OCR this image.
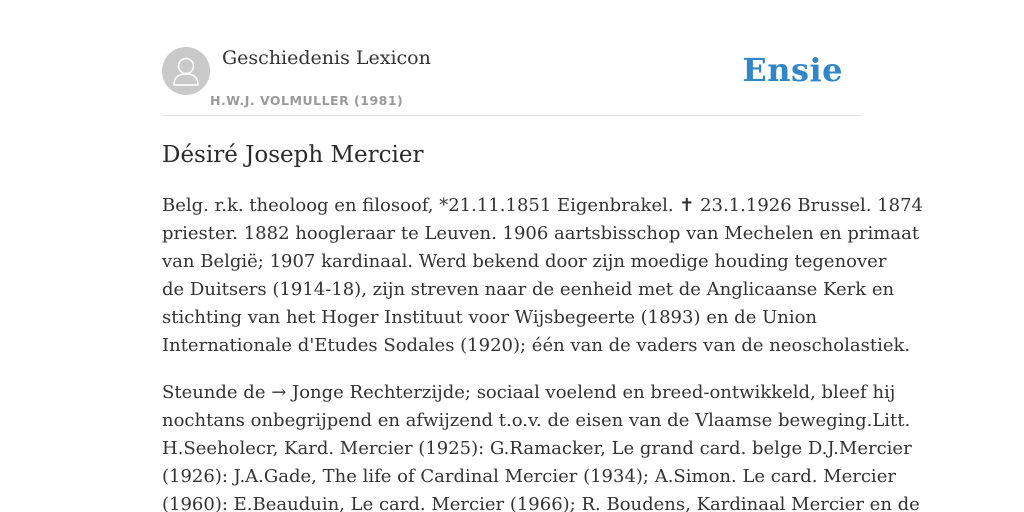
Geschiedenis Lexicon
H.W.J. VOLMULLER (1981)
Ensie
Désiré Joseph Mercier
Belg. r.k. theoloog en filosoof, *21.11.1851 Eigenbrakel. ✝ 23.1.1926 Brussel. 1874
priester. 1882 hoogleraar te Leuven. 1906 aartsbisschop van Mechelen en primaat
van België; 1907 kardinaal. Werd bekend door zijn moedige houding tegenover
de Duitsers (1914-18), zijn streven naar de eenheid met de Anglicaanse Kerk en
stichting van het Hoger Instituut voor Wijsbegeerte (1893) en de Union
Internationale d'Etudes Sodales (1920); één van de vaders van de neoscholastiek.
Steunde de → Jonge Rechterzijde; sociaal voelend en breed-ontwikkeld, bleef hij
nochtans onbegrijpend en afwijzend t.o.v. de eisen van de Vlaamse beweging.Litt.
H.Seeholecr, Kard. Mercier (1925): G.Ramacker, Le grand card. belge D.J.Mercier
(1926): J.A.Gade, The life of Cardinal Mercier (1934); A.Simon. Le card. Mercier
(1960): E.Beauduin, Le card. Mercier (1966); R. Boudens, Kardinaal Mercier en de
